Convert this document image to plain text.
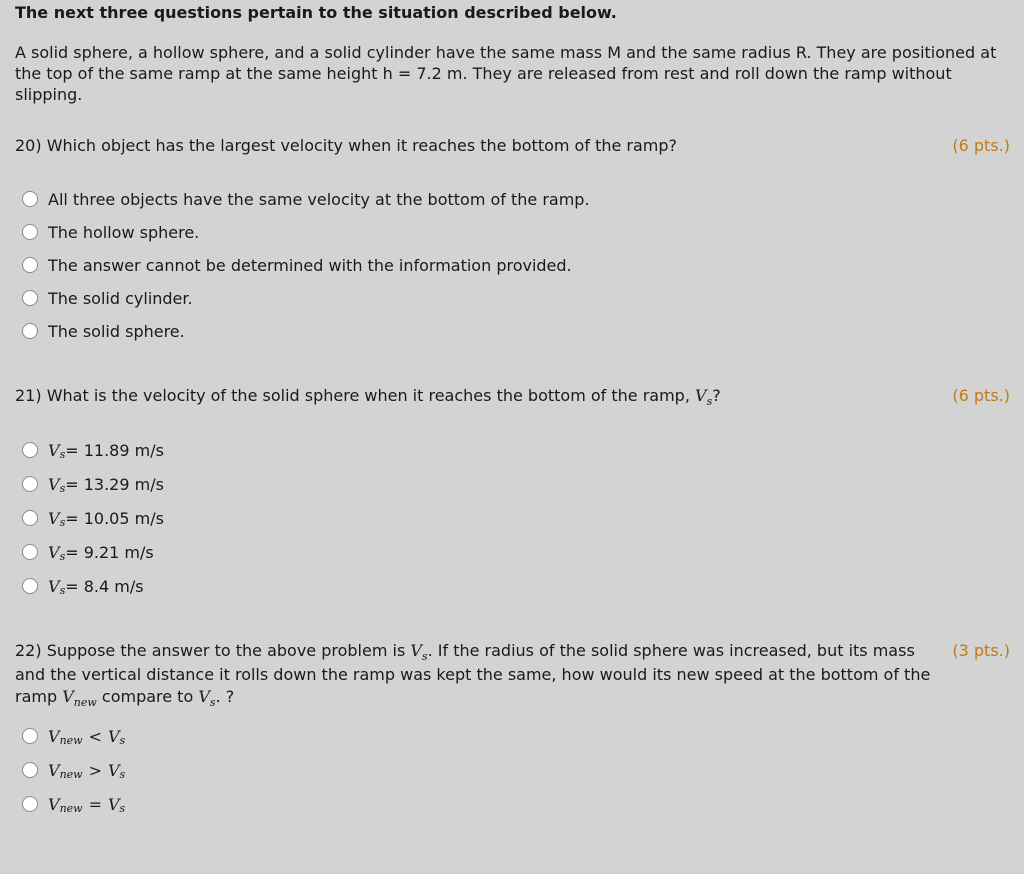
The next three questions pertain to the situation described below.
A solid sphere, a hollow sphere, and a solid cylinder have the same mass M and the same radius R. They are positioned at the top of the same ramp at the same height h = 7.2 m. They are released from rest and roll down the ramp without slipping.
20) Which object has the largest velocity when it reaches the bottom of the ramp?	(6 pts.)
All three objects have the same velocity at the bottom of the ramp.
The hollow sphere.
The answer cannot be determined with the information provided.
The solid cylinder.
The solid sphere.
21) What is the velocity of the solid sphere when it reaches the bottom of the ramp, $V_s$?	(6 pts.)
V s = 11.89 m/s
V s = 13.29 m/s
V s = 10.05 m/s
V s = 9.21 m/s
V s = 8.4 m/s
22) Suppose the answer to the above problem is $V_s$. If the radius of the solid sphere was increased, but its mass and the vertical distance it rolls down the ramp was kept the same, how would its new speed at the bottom of the ramp $V_{new}$ compare to $V_s$. ?
(3 pts.)
V new < V s
V new > V s
V new = V s
